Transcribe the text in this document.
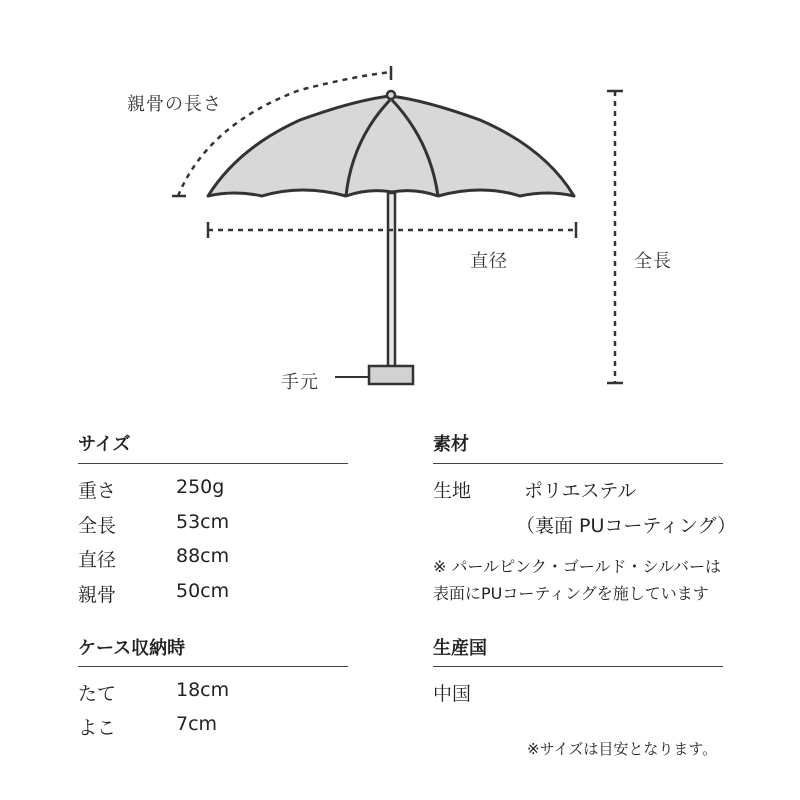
親骨の長さ
直径	全長
手元
サイズ
重さ	250g
全長	53cm
直径	88cm
親骨	50cm
ケース収納時
たて	18cm
よこ	7cm
素材
生地	ポリエステル
（裏面 PUコーティング）
※ パールピンク・ゴールド・シルバーは
表面にPUコーティングを施しています
生産国
中国
※サイズは目安となります。
